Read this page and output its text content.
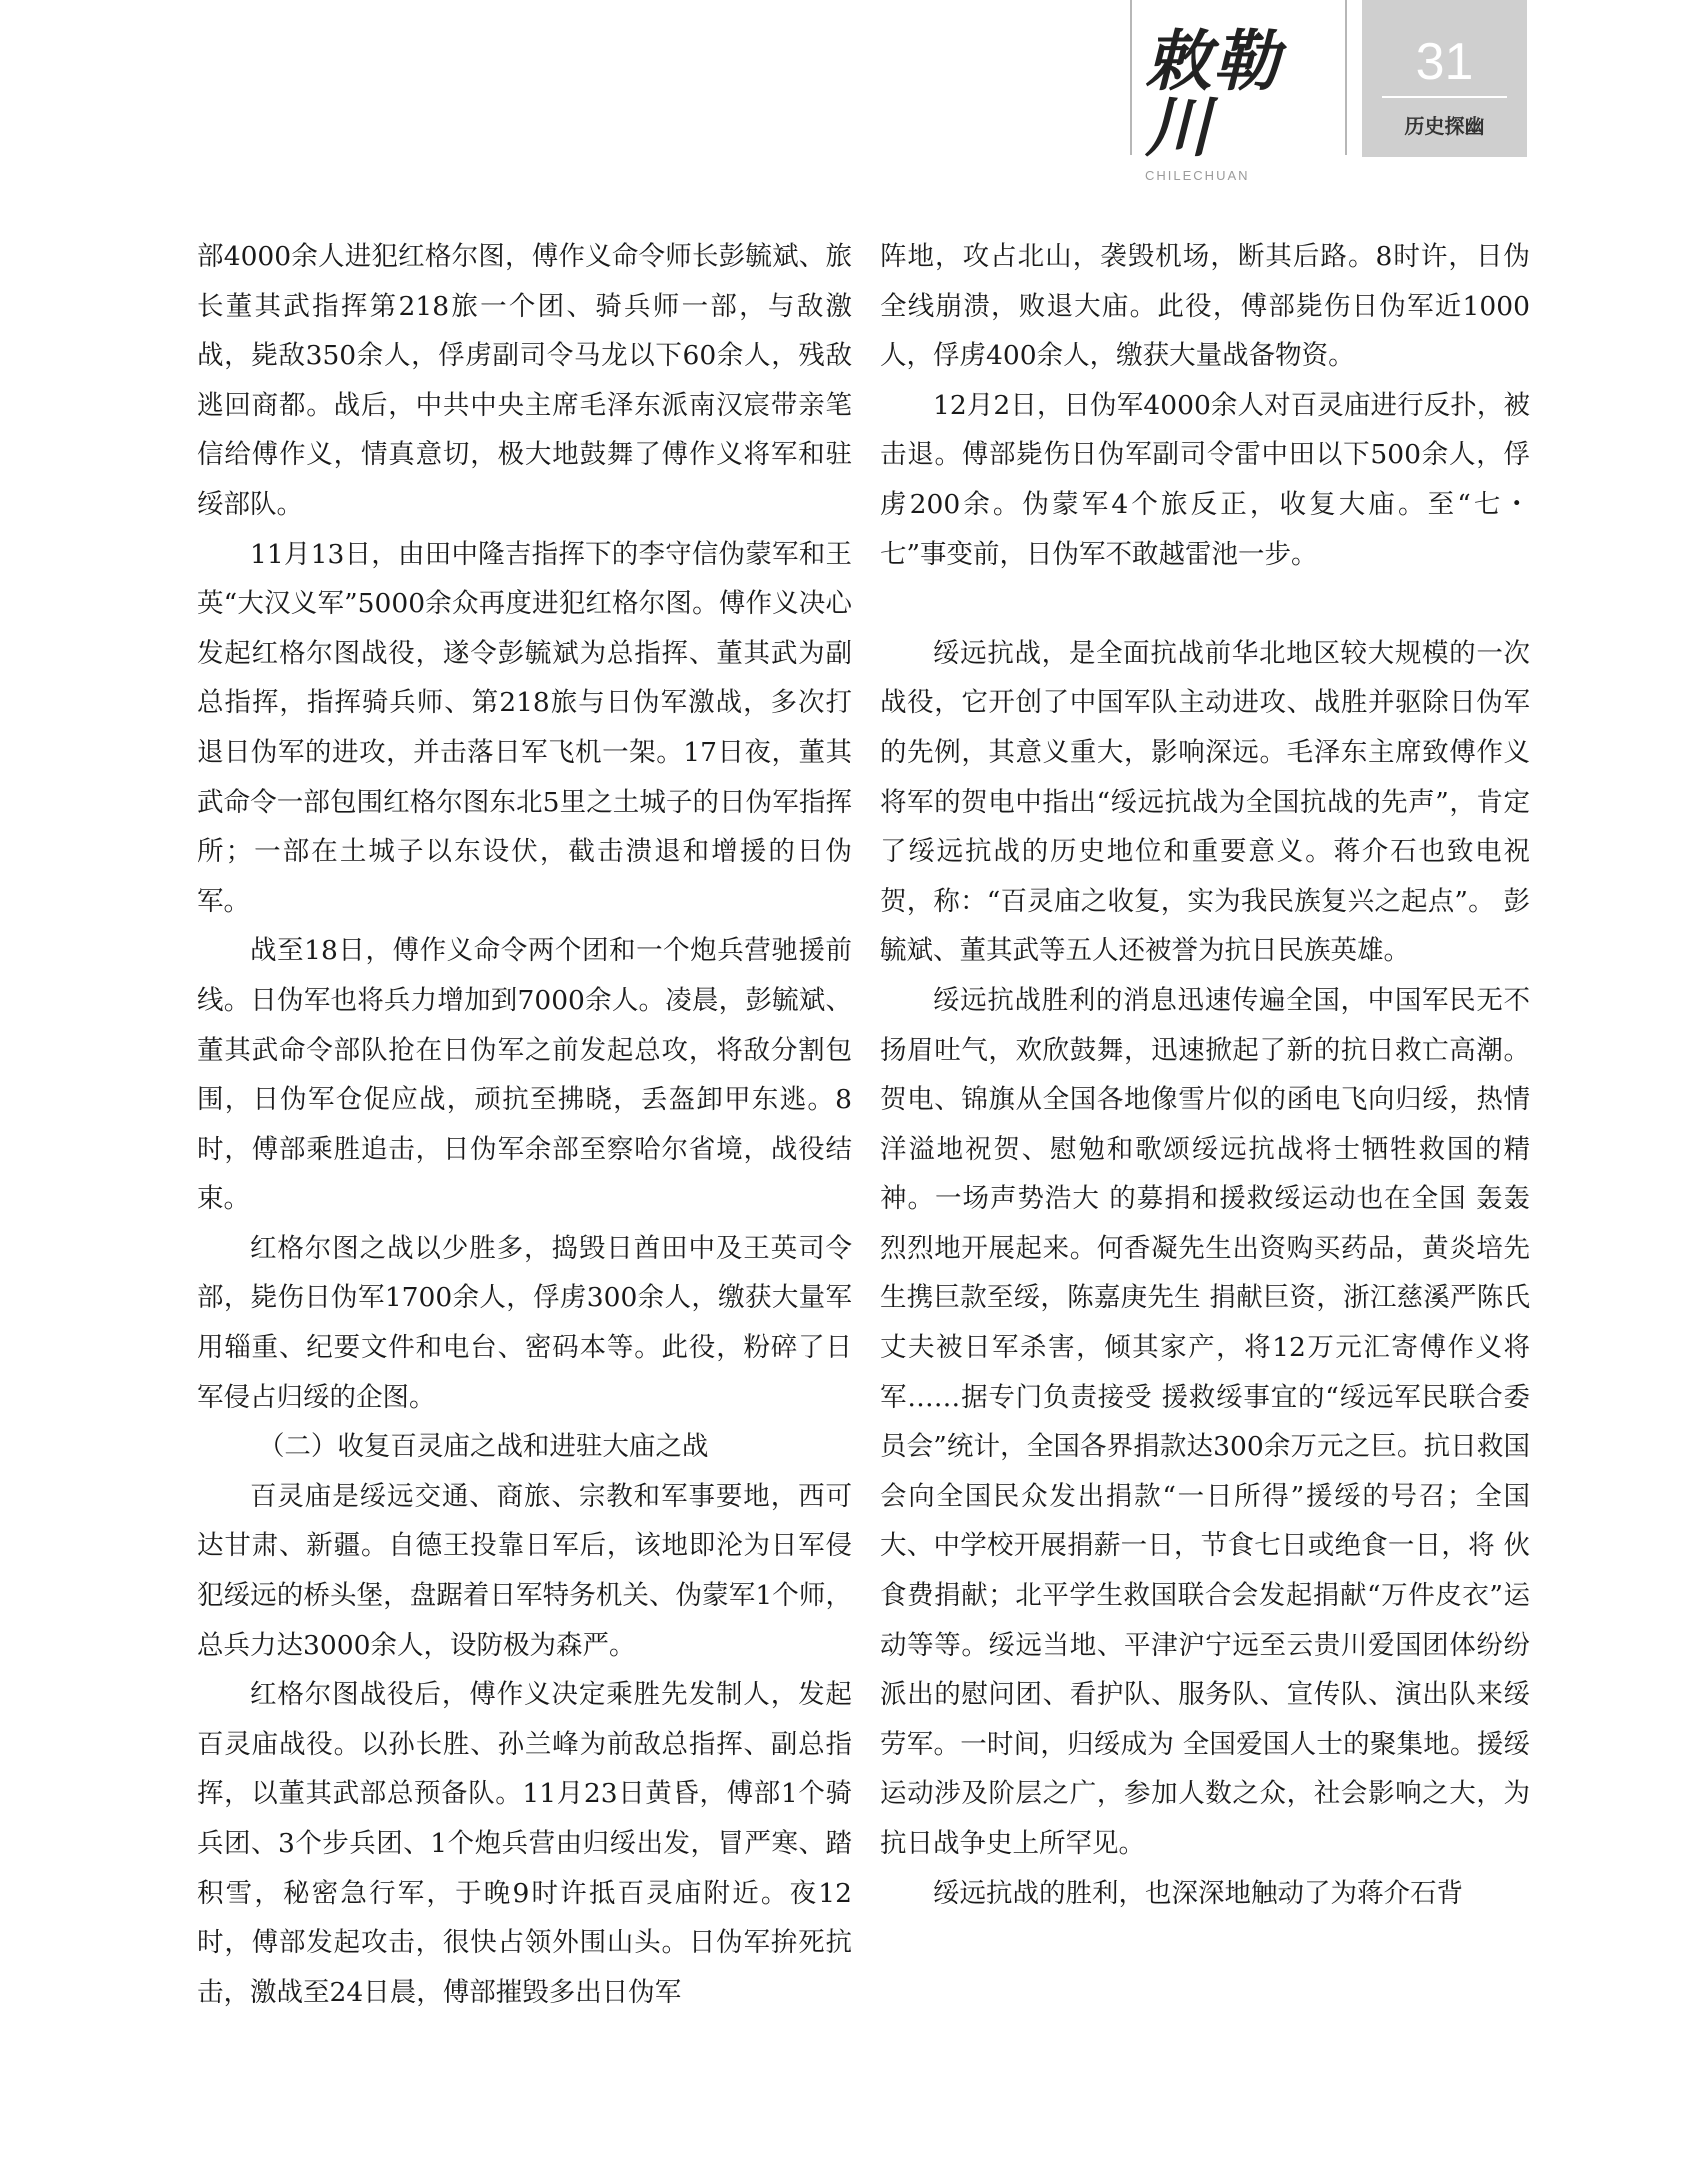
敕勒川
CHILECHUAN
31
历史探幽

部4000余人进犯红格尔图，傅作义命令师长彭毓斌、旅长董其武指挥第218旅一个团、骑兵师一部，与敌激战，毙敌350余人，俘虏副司令马龙以下60余人，残敌逃回商都。战后，中共中央主席毛泽东派南汉宸带亲笔信给傅作义，情真意切，极大地鼓舞了傅作义将军和驻绥部队。

11月13日，由田中隆吉指挥下的李守信伪蒙军和王英“大汉义军”5000余众再度进犯红格尔图。傅作义决心发起红格尔图战役，遂令彭毓斌为总指挥、董其武为副总指挥，指挥骑兵师、第218旅与日伪军激战，多次打退日伪军的进攻，并击落日军飞机一架。17日夜，董其武命令一部包围红格尔图东北5里之土城子的日伪军指挥所；一部在土城子以东设伏，截击溃退和增援的日伪军。

战至18日，傅作义命令两个团和一个炮兵营驰援前线。日伪军也将兵力增加到7000余人。凌晨，彭毓斌、董其武命令部队抢在日伪军之前发起总攻，将敌分割包围，日伪军仓促应战，顽抗至拂晓，丢盔卸甲东逃。8时，傅部乘胜追击，日伪军余部至察哈尔省境，战役结束。

红格尔图之战以少胜多，捣毁日酋田中及王英司令部，毙伤日伪军1700余人，俘虏300余人，缴获大量军用辎重、纪要文件和电台、密码本等。此役，粉碎了日军侵占归绥的企图。

（二）收复百灵庙之战和进驻大庙之战

百灵庙是绥远交通、商旅、宗教和军事要地，西可达甘肃、新疆。自德王投靠日军后，该地即沦为日军侵犯绥远的桥头堡，盘踞着日军特务机关、伪蒙军1个师，总兵力达3000余人，设防极为森严。

红格尔图战役后，傅作义决定乘胜先发制人，发起百灵庙战役。以孙长胜、孙兰峰为前敌总指挥、副总指挥，以董其武部总预备队。11月23日黄昏，傅部1个骑兵团、3个步兵团、1个炮兵营由归绥出发，冒严寒、踏积雪，秘密急行军，于晚9时许抵百灵庙附近。夜12时，傅部发起攻击，很快占领外围山头。日伪军拚死抗击，激战至24日晨，傅部摧毁多出日伪军

阵地，攻占北山，袭毁机场，断其后路。8时许，日伪全线崩溃，败退大庙。此役，傅部毙伤日伪军近1000人，俘虏400余人，缴获大量战备物资。

12月2日，日伪军4000余人对百灵庙进行反扑，被击退。傅部毙伤日伪军副司令雷中田以下500余人，俘虏200余。伪蒙军4个旅反正，收复大庙。至“七・七”事变前，日伪军不敢越雷池一步。

绥远抗战，是全面抗战前华北地区较大规模的一次战役，它开创了中国军队主动进攻、战胜并驱除日伪军的先例，其意义重大，影响深远。毛泽东主席致傅作义将军的贺电中指出“绥远抗战为全国抗战的先声”，肯定了绥远抗战的历史地位和重要意义。蒋介石也致电祝贺，称：“百灵庙之收复，实为我民族复兴之起点”。 彭毓斌、董其武等五人还被誉为抗日民族英雄。

绥远抗战胜利的消息迅速传遍全国，中国军民无不扬眉吐气，欢欣鼓舞，迅速掀起了新的抗日救亡高潮。贺电、锦旗从全国各地像雪片似的函电飞向归绥，热情洋溢地祝贺、慰勉和歌颂绥远抗战将士牺牲救国的精神。一场声势浩大 的募捐和援救绥运动也在全国 轰轰烈烈地开展起来。何香凝先生出资购买药品，黄炎培先生携巨款至绥，陈嘉庚先生 捐献巨资，浙江慈溪严陈氏丈夫被日军杀害，倾其家产，将12万元汇寄傅作义将军……据专门负责接受 援救绥事宜的“绥远军民联合委员会”统计，全国各界捐款达300余万元之巨。抗日救国会向全国民众发出捐款“一日所得”援绥的号召；全国大、中学校开展捐薪一日，节食七日或绝食一日，将 伙食费捐献；北平学生救国联合会发起捐献“万件皮衣”运动等等。绥远当地、平津沪宁远至云贵川爱国团体纷纷派出的慰问团、看护队、服务队、宣传队、演出队来绥劳军。一时间，归绥成为 全国爱国人士的聚集地。援绥运动涉及阶层之广，参加人数之众，社会影响之大，为抗日战争史上所罕见。

绥远抗战的胜利，也深深地触动了为蒋介石背
